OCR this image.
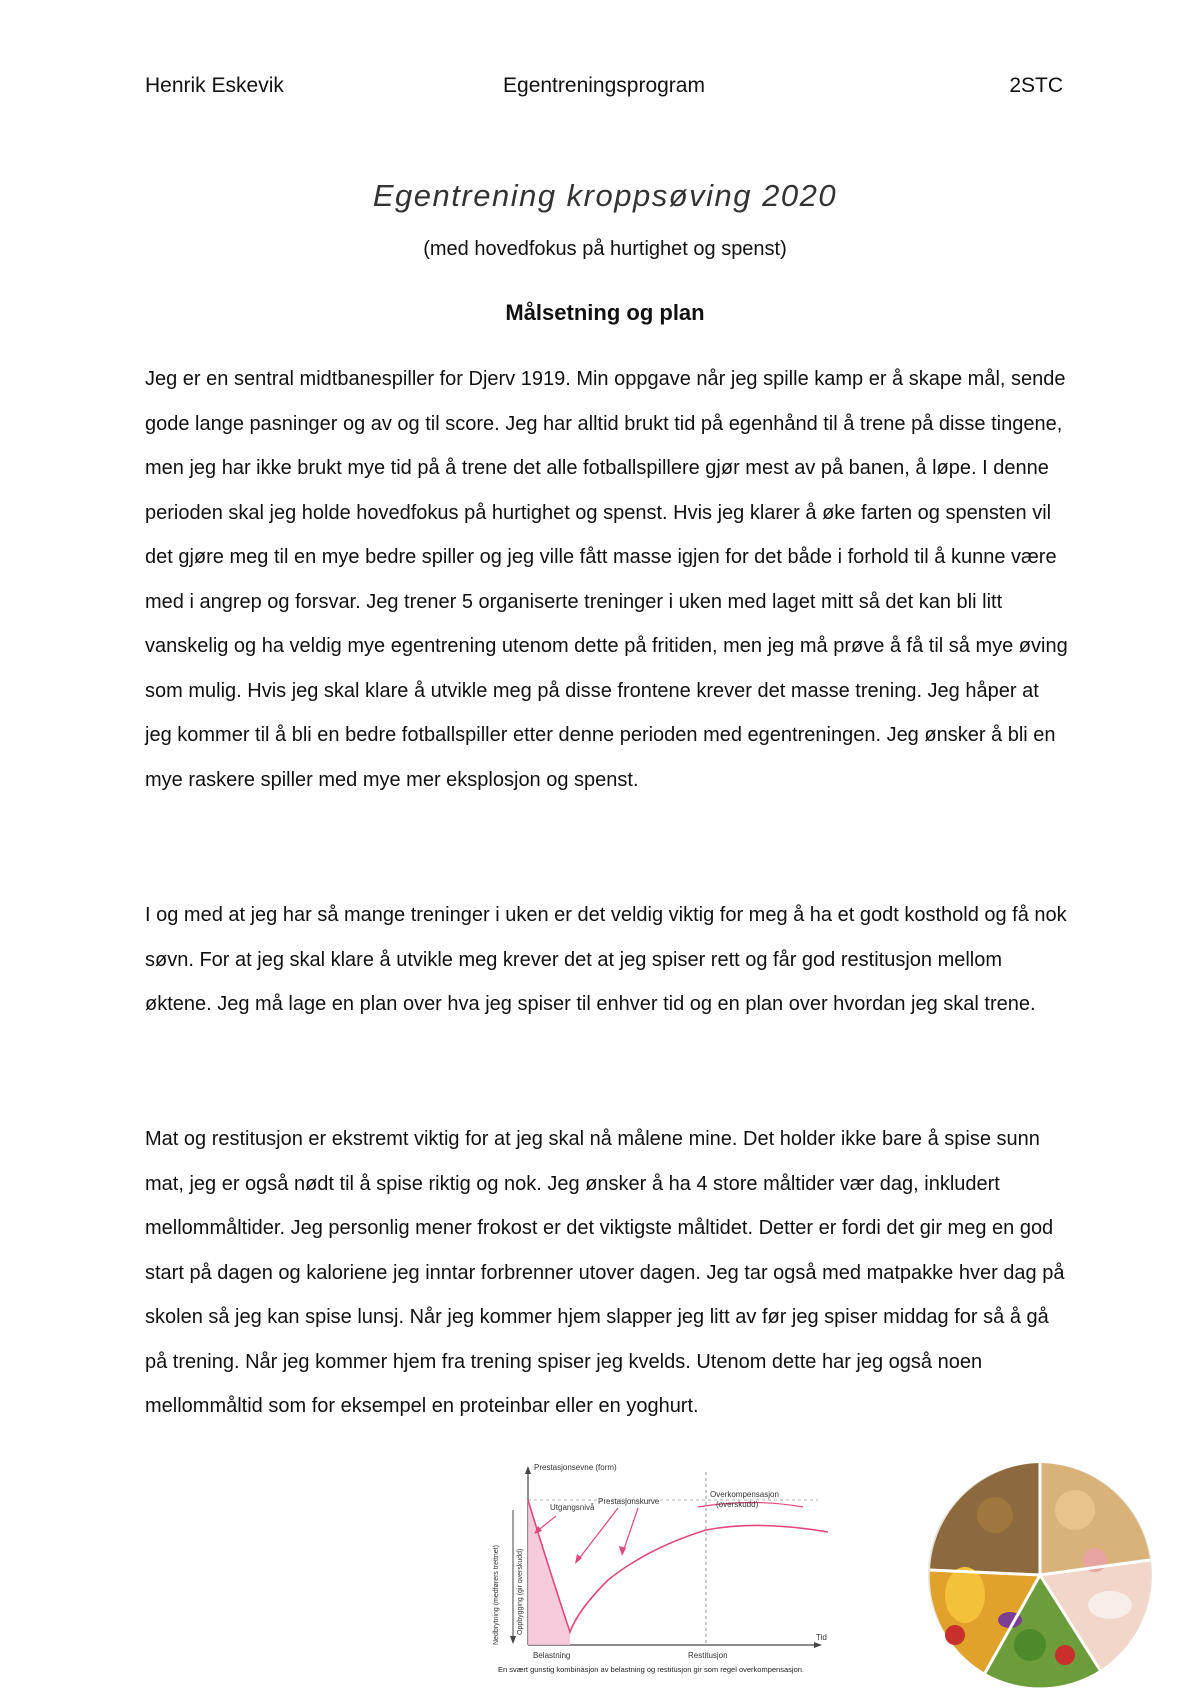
Henrik Eskevik	Egentreningsprogram	2STC
Egentrening kroppsøving 2020
(med hovedfokus på hurtighet og spenst)
Målsetning og plan

Jeg er en sentral midtbanespiller for Djerv 1919. Min oppgave når jeg spille kamp er å skape mål, sende gode lange pasninger og av og til score. Jeg har alltid brukt tid på egenhånd til å trene på disse tingene, men jeg har ikke brukt mye tid på å trene det alle fotballspillere gjør mest av på banen, å løpe. I denne perioden skal jeg holde hovedfokus på hurtighet og spenst. Hvis jeg klarer å øke farten og spensten vil det gjøre meg til en mye bedre spiller og jeg ville fått masse igjen for det både i forhold til å kunne være med i angrep og forsvar. Jeg trener 5 organiserte treninger i uken med laget mitt så det kan bli litt vanskelig og ha veldig mye egentrening utenom dette på fritiden, men jeg må prøve å få til så mye øving som mulig. Hvis jeg skal klare å utvikle meg på disse frontene krever det masse trening. Jeg håper at jeg kommer til å bli en bedre fotballspiller etter denne perioden med egentreningen. Jeg ønsker å bli en mye raskere spiller med mye mer eksplosjon og spenst.

I og med at jeg har så mange treninger i uken er det veldig viktig for meg å ha et godt kosthold og få nok søvn. For at jeg skal klare å utvikle meg krever det at jeg spiser rett og får god restitusjon mellom øktene. Jeg må lage en plan over hva jeg spiser til enhver tid og en plan over hvordan jeg skal trene.

Mat og restitusjon er ekstremt viktig for at jeg skal nå målene mine. Det holder ikke bare å spise sunn mat, jeg er også nødt til å spise riktig og nok. Jeg ønsker å ha 4 store måltider vær dag, inkludert mellommåltider. Jeg personlig mener frokost er det viktigste måltidet. Detter er fordi det gir meg en god start på dagen og kaloriene jeg inntar forbrenner utover dagen. Jeg tar også med matpakke hver dag på skolen så jeg kan spise lunsj. Når jeg kommer hjem slapper jeg litt av før jeg spiser middag for så å gå på trening. Når jeg kommer hjem fra trening spiser jeg kvelds. Utenom dette har jeg også noen mellommåltid som for eksempel en proteinbar eller en yoghurt.

Prestasjonsevne (form)
Utgangsnivå
Prestasjonskurve
Overkompensasjon
(overskudd)
Tid
Belastning	Restitusjon
Nedbrytning (medførers trettnet) Oppbygging (gir overskudd)
En svært gunstig kombinasjon av belastning og restitusjon gir som regel overkompensasjon.
